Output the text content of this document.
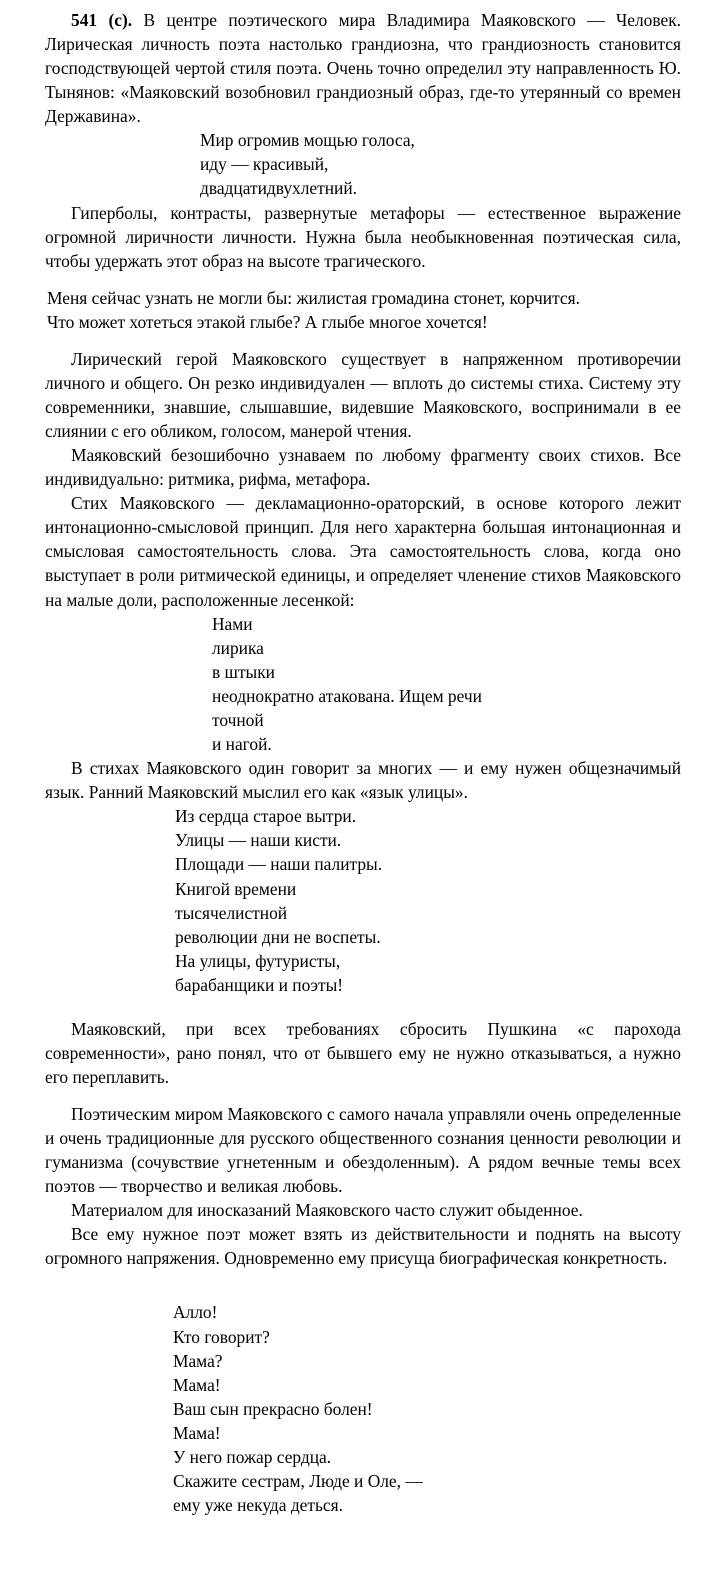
541 (с). В центре поэтического мира Владимира Маяковского — Человек. Лирическая личность поэта настолько грандиозна, что грандиозность становится господствующей чертой стиля поэта. Очень точно определил эту направленность Ю. Тынянов: «Маяковский возобновил грандиозный образ, где-то утерянный со времен Державина».

Мир огромив мощью голоса,
иду — красивый,
двадцатидвухлетний.

Гиперболы, контрасты, развернутые метафоры — естественное выражение огромной лиричности личности. Нужна была необыкновенная поэтическая сила, чтобы удержать этот образ на высоте трагического.

Меня сейчас узнать не могли бы: жилистая громадина стонет, корчится.
Что может хотеться этакой глыбе? А глыбе многое хочется!

Лирический герой Маяковского существует в напряженном противоречии личного и общего. Он резко индивидуален — вплоть до системы стиха. Систему эту современники, знавшие, слышавшие, видевшие Маяковского, воспринимали в ее слиянии с его обликом, голосом, манерой чтения.

Маяковский безошибочно узнаваем по любому фрагменту своих стихов. Все индивидуально: ритмика, рифма, метафора.

Стих Маяковского — декламационно-ораторский, в основе которого лежит интонационно-смысловой принцип. Для него характерна большая интонационная и смысловая самостоятельность слова. Эта самостоятельность слова, когда оно выступает в роли ритмической единицы, и определяет членение стихов Маяковского на малые доли, расположенные лесенкой:

Нами
лирика
в штыки
неоднократно атакована. Ищем речи
точной
и нагой.

В стихах Маяковского один говорит за многих — и ему нужен общезначимый язык. Ранний Маяковский мыслил его как «язык улицы».

Из сердца старое вытри.
Улицы — наши кисти.
Площади — наши палитры.
Книгой времени
тысячелистной
революции дни не воспеты.
На улицы, футуристы,
барабанщики и поэты!

Маяковский, при всех требованиях сбросить Пушкина «с парохода современности», рано понял, что от бывшего ему не нужно отказываться, а нужно его переплавить.

Поэтическим миром Маяковского с самого начала управляли очень определенные и очень традиционные для русского общественного сознания ценности революции и гуманизма (сочувствие угнетенным и обездоленным). А рядом вечные темы всех поэтов — творчество и великая любовь.

Материалом для иносказаний Маяковского часто служит обыденное.

Все ему нужное поэт может взять из действительности и поднять на высоту огромного напряжения. Одновременно ему присуща биографическая конкретность.

Алло!
Кто говорит?
Мама?
Мама!
Ваш сын прекрасно болен!
Мама!
У него пожар сердца.
Скажите сестрам, Люде и Оле, —
ему уже некуда деться.
